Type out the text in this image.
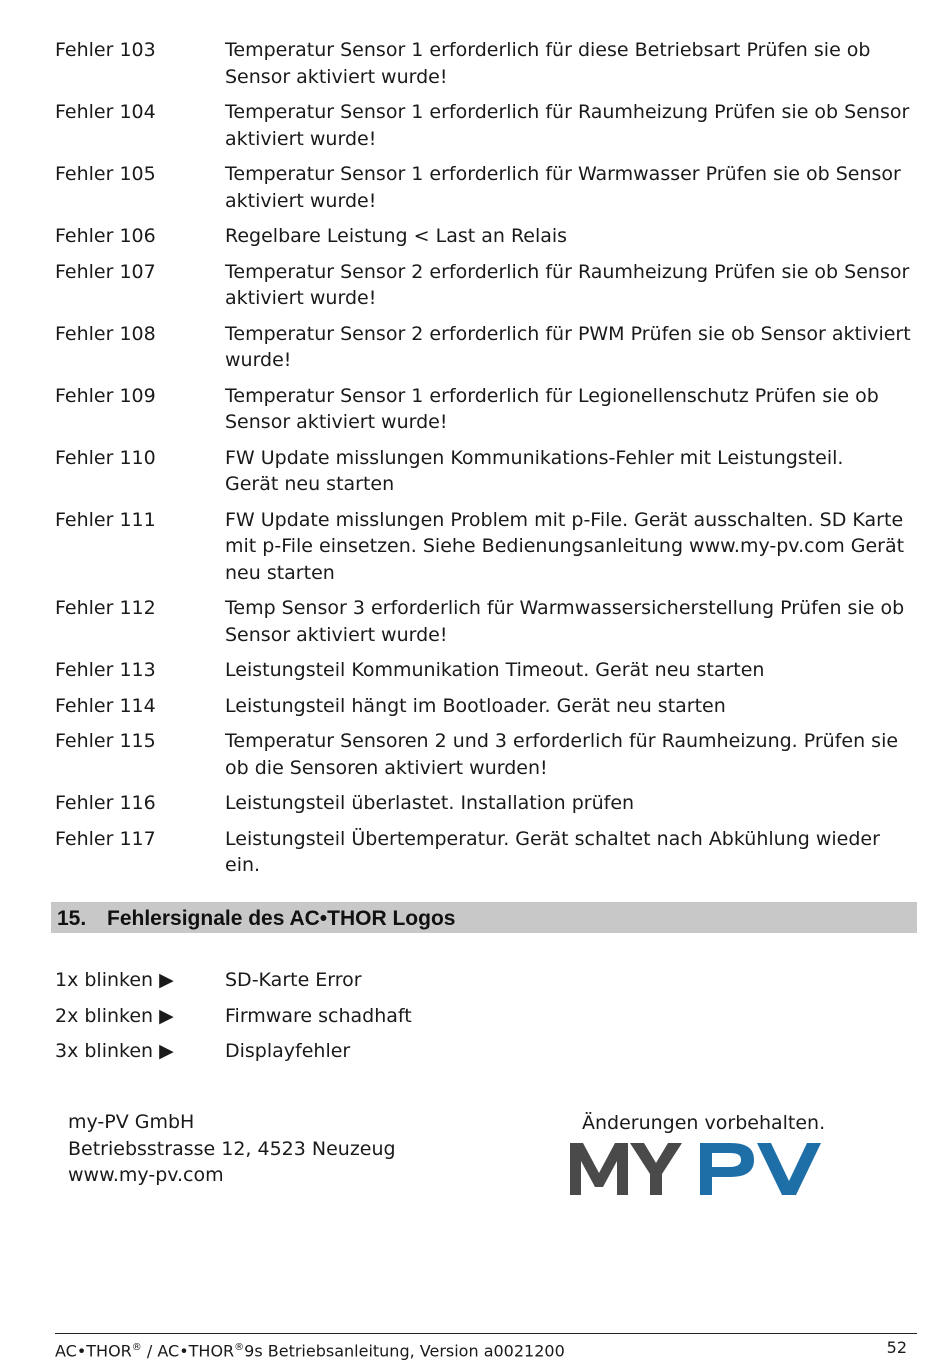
Fehler 103	Temperatur Sensor 1 erforderlich für diese Betriebsart Prüfen sie ob Sensor aktiviert wurde!
Fehler 104	Temperatur Sensor 1 erforderlich für Raumheizung Prüfen sie ob Sensor aktiviert wurde!
Fehler 105	Temperatur Sensor 1 erforderlich für Warmwasser Prüfen sie ob Sensor aktiviert wurde!
Fehler 106	Regelbare Leistung < Last an Relais
Fehler 107	Temperatur Sensor 2 erforderlich für Raumheizung Prüfen sie ob Sensor aktiviert wurde!
Fehler 108	Temperatur Sensor 2 erforderlich für PWM Prüfen sie ob Sensor aktiviert wurde!
Fehler 109	Temperatur Sensor 1 erforderlich für Legionellenschutz Prüfen sie ob Sensor aktiviert wurde!
Fehler 110	FW Update misslungen Kommunikations-Fehler mit Leistungsteil.
Gerät neu starten
Fehler 111	FW Update misslungen Problem mit p-File. Gerät ausschalten. SD Karte mit p-File einsetzen. Siehe Bedienungsanleitung www.my-pv.com Gerät neu starten
Fehler 112	Temp Sensor 3 erforderlich für Warmwassersicherstellung Prüfen sie ob Sensor aktiviert wurde!
Fehler 113	Leistungsteil Kommunikation Timeout. Gerät neu starten
Fehler 114	Leistungsteil hängt im Bootloader. Gerät neu starten
Fehler 115	Temperatur Sensoren 2 und 3 erforderlich für Raumheizung. Prüfen sie ob die Sensoren aktiviert wurden!
Fehler 116	Leistungsteil überlastet. Installation prüfen
Fehler 117	Leistungsteil Übertemperatur. Gerät schaltet nach Abkühlung wieder ein.
15. Fehlersignale des AC•THOR Logos
1x blinken ▶	SD-Karte Error
2x blinken ▶	Firmware schadhaft
3x blinken ▶	Displayfehler
my-PV GmbH
Betriebsstrasse 12, 4523 Neuzeug
www.my-pv.com
Änderungen vorbehalten.
AC•THOR® / AC•THOR®9s Betriebsanleitung, Version a0021200	52
